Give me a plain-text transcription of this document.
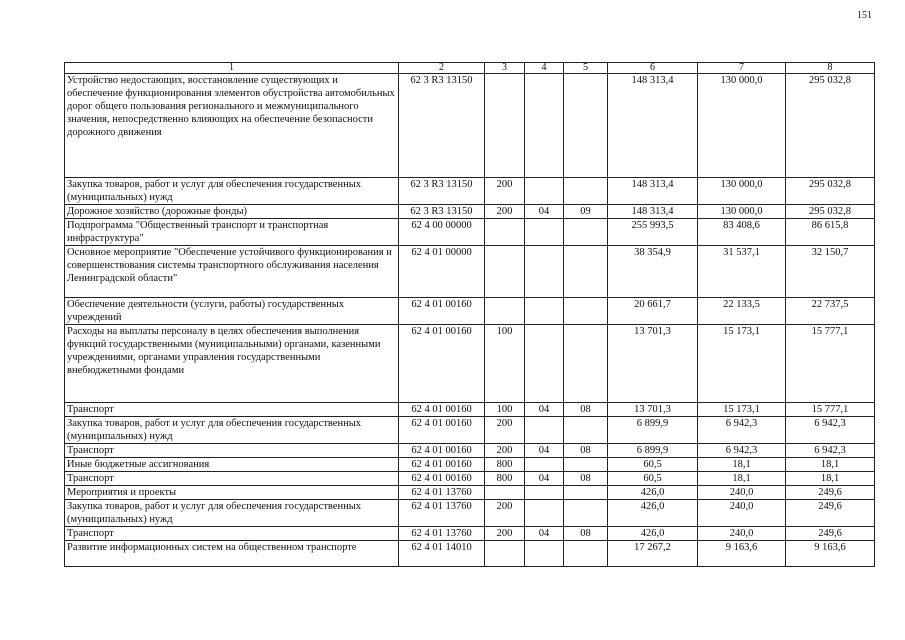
151
1	2	3	4	5	6	7	8
Устройство недостающих, восстановление существующих и обеспечение функционирования элементов обустройства автомобильных дорог общего пользования регионального и межмуниципального значения, непосредственно влияющих на обеспечение безопасности дорожного движения	62 3 R3 13150				148 313,4	130 000,0	295 032,8
Закупка товаров, работ и услуг для обеспечения государственных (муниципальных) нужд	62 3 R3 13150	200			148 313,4	130 000,0	295 032,8
Дорожное хозяйство (дорожные фонды)	62 3 R3 13150	200	04	09	148 313,4	130 000,0	295 032,8
Подпрограмма "Общественный транспорт и транспортная инфраструктура"	62 4 00 00000				255 993,5	83 408,6	86 615,8
Основное мероприятие "Обеспечение устойчивого функционирования и совершенствования системы транспортного обслуживания населения Ленинградской области"	62 4 01 00000				38 354,9	31 537,1	32 150,7
Обеспечение деятельности (услуги, работы) государственных учреждений	62 4 01 00160				20 661,7	22 133,5	22 737,5
Расходы на выплаты персоналу в целях обеспечения выполнения функций государственными (муниципальными) органами, казенными учреждениями, органами управления государственными внебюджетными фондами	62 4 01 00160	100			13 701,3	15 173,1	15 777,1
Транспорт	62 4 01 00160	100	04	08	13 701,3	15 173,1	15 777,1
Закупка товаров, работ и услуг для обеспечения государственных (муниципальных) нужд	62 4 01 00160	200			6 899,9	6 942,3	6 942,3
Транспорт	62 4 01 00160	200	04	08	6 899,9	6 942,3	6 942,3
Иные бюджетные ассигнования	62 4 01 00160	800			60,5	18,1	18,1
Транспорт	62 4 01 00160	800	04	08	60,5	18,1	18,1
Мероприятия и проекты	62 4 01 13760				426,0	240,0	249,6
Закупка товаров, работ и услуг для обеспечения государственных (муниципальных) нужд	62 4 01 13760	200			426,0	240,0	249,6
Транспорт	62 4 01 13760	200	04	08	426,0	240,0	249,6
Развитие информационных систем на общественном транспорте	62 4 01 14010				17 267,2	9 163,6	9 163,6
